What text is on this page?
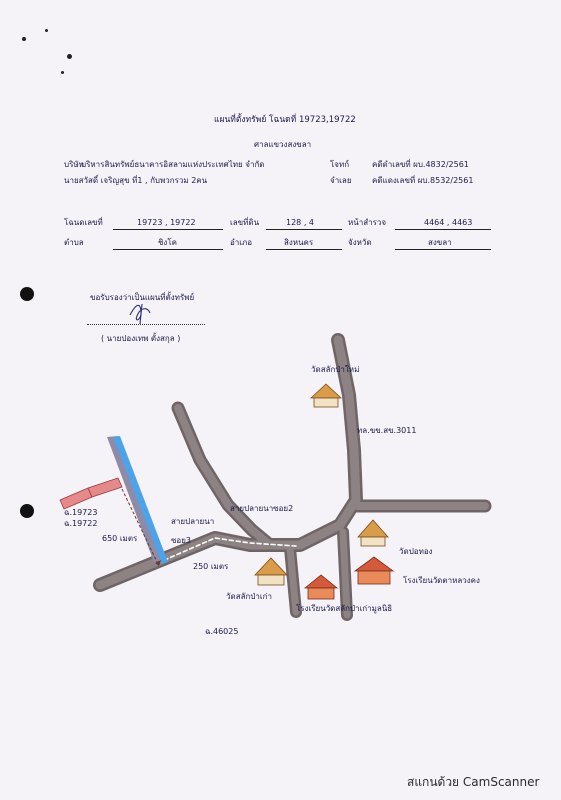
แผนที่ตั้งทรัพย์ โฉนดที่ 19723,19722
ศาลแขวงสงขลา
บริษัท
บริหารสินทรัพย์ธนาคารอิสลามแห่งประเทศไทย จำกัด	โจทก์	คดีดำเลขที่ ผบ.4832/2561
นายสวัสดิ์ เจริญสุข ที่1 , กับพวกรวม 2คน	จำเลย	คดีแดงเลขที่ ผบ.8532/2561
โฉนดเลขที่	19723 , 19722	เลขที่ดิน	128 , 4	หน้าสำรวจ	4464 , 4463
ตำบล	ชิงโค	อำเภอ	สิงหนคร	จังหวัด	สงขลา
ขอรับรองว่าเป็นแผนที่ตั้งทรัพย์
( นายปองเทพ ตั้งสกุล )
วัดสลักป่าใหม่
ทล.ขข.สข.3011
สายปลายนาซอย2
ฉ.19723
ฉ.19722	สายปลายนา
ซอย3
650 เมตร
วัดปอทอง
250 เมตร
โรงเรียนวัดตาหลวงคง
วัดสลักป่าเก่า
โรงเรียนวัดสลักป่าเก่ามูลนิธิ
ฉ.46025
สแกนด้วย CamScanner
